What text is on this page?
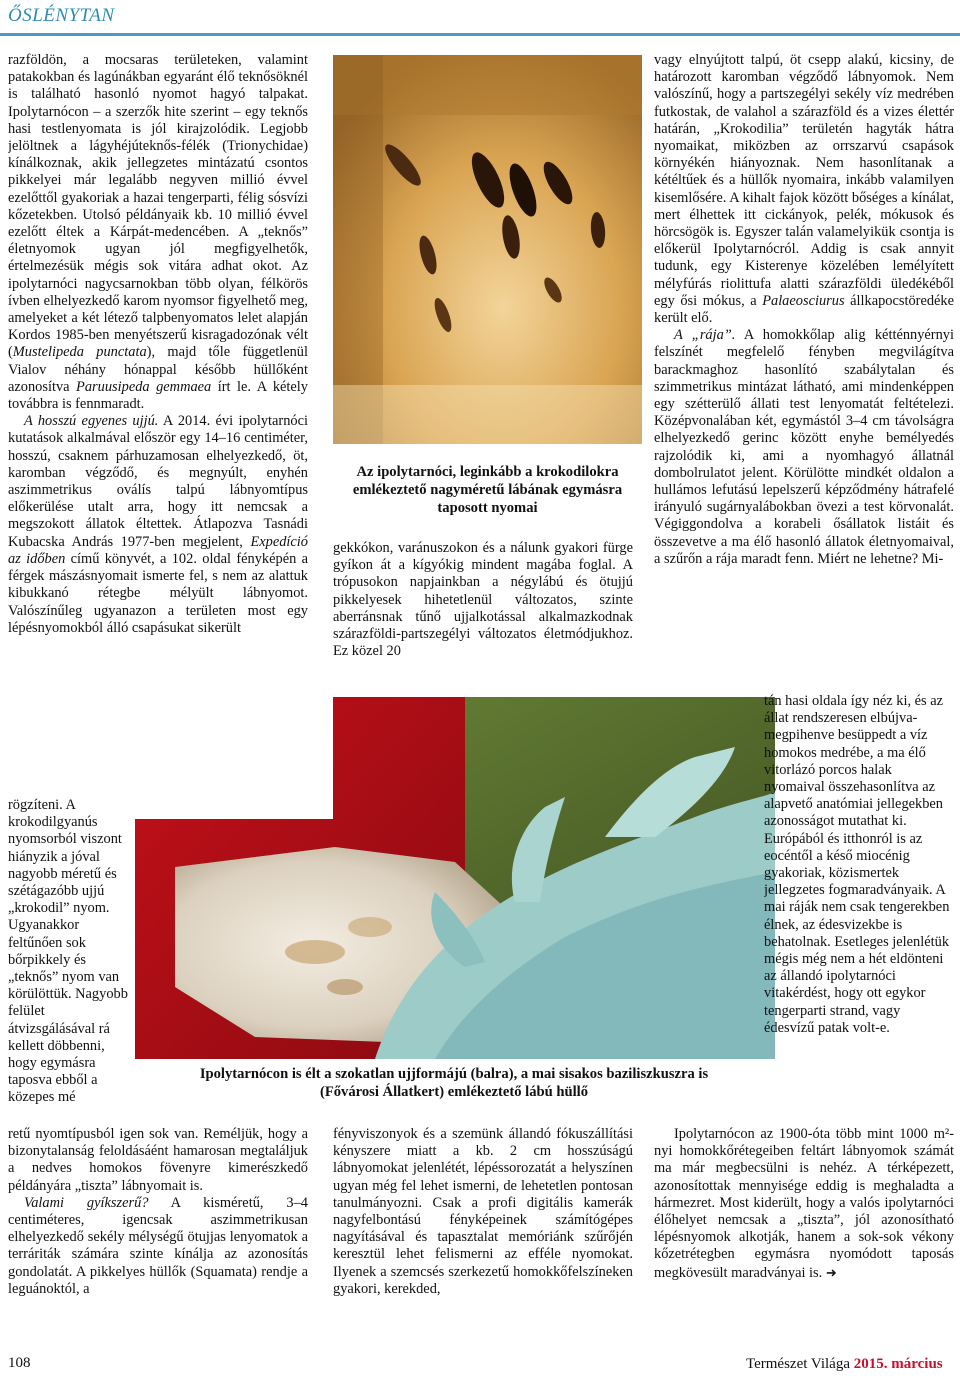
ŐSLÉNYTAN

razföldön, a mocsaras területeken, valamint patakokban és lagúnákban egyaránt élő teknősöknél is található hasonló nyomot hagyó talpakat. Ipolytarnócon – a szerzők hite szerint – egy teknős hasi testlenyomata is jól kirajzolódik. Legjobb jelöltnek a lágyhéjúteknős-félék (Trionychidae) kínálkoznak, akik jellegzetes mintázatú csontos pikkelyei már legalább negyven millió évvel ezelőttől gyakoriak a hazai tengerparti, félig sósvízi kőzetekben. Utolsó példányaik kb. 10 millió évvel ezelőtt éltek a Kárpát-medencében. A „teknős” életnyomok ugyan jól megfigyelhetők, értelmezésük mégis sok vitára adhat okot. Az ipolytarnóci nagycsarnokban több olyan, félkörös ívben elhelyezkedő karom nyomsor figyelhető meg, amelyeket a két létező talpbenyomatos lelet alapján Kordos 1985-ben menyétszerű kisragadozónak vélt (Mustelipeda punctata), majd tőle függetlenül Vialov néhány hónappal később hüllőként azonosítva Paruusipeda gemmaea írt le. A kétely továbbra is fennmaradt.

A hosszú egyenes ujjú. A 2014. évi ipolytarnóci kutatások alkalmával először egy 14–16 centiméter, hosszú, csaknem párhuzamosan elhelyezkedő, öt, karomban végződő, és megnyúlt, enyhén aszimmetrikus oválís talpú lábnyomtípus előkerülése utalt arra, hogy itt nemcsak a megszokott állatok éltettek. Átlapozva Tasnádi Kubacska András 1977-ben megjelent, Expedíció az időben című könyvét, a 102. oldal fényképén a férgek mászásnyomait ismerte fel, s nem az alattuk kibukkanó rétegbe mélyült lábnyomot. Valószínűleg ugyanazon a területen most egy lépésnyomokból álló csapásukat sikerült

rögzíteni. A krokodilgyanús nyomsorból viszont hiányzik a jóval nagyobb méretű és szétágazóbb ujjú „krokodil” nyom. Ugyanakkor feltűnően sok bőrpikkely és „teknős” nyom van körülöttük. Nagyobb felület átvizsgálásával rá kellett döbbenni, hogy egymásra taposva ebből a közepes mé

retű nyomtípusból igen sok van. Reméljük, hogy a bizonytalanság feloldásáént hamarosan megtaláljuk a nedves homokos fövenyre kimerészkedő példányára „tiszta” lábnyomait is.

Valami gyíkszerű? A kisméretű, 3–4 centiméteres, igencsak aszimmetrikusan elhelyezkedő sekély mélységű ötujjas lenyomatok a terráriták számára szinte kínálja az azonosítás gondolatát. A pikkelyes hüllők (Squamata) rendje a leguánoktól, a

Az ipolytarnóci, leginkább a krokodilokra emlékeztető nagyméretű lábának egymásra taposott nyomai
gekkókon, varánuszokon és a nálunk gyakori fürge gyíkon át a kígyókig mindent magába foglal. A trópusokon napjainkban a négylábú és ötujjú pikkelyesek hihetetlenül változatos, szinte aberránsnak tűnő ujjalkotással alkalmazkodnak szárazföldi-partszegélyi változatos életmódjukhoz. Ez közel 20

Ipolytarnócon is élt a szokatlan ujjformájú (balra), a mai sisakos baziliszkuszra is (Fővárosi Állatkert) emlékeztető lábú hüllő
fényviszonyok és a szemünk állandó fókuszállítási kényszere miatt a kb. 2 cm hosszúságú lábnyomokat jelenlétét, lépéssorozatát a helyszínen ugyan még fel lehet ismerni, de lehetetlen pontosan tanulmányozni. Csak a profi digitális kamerák nagyfelbontású fényképeinek számítógépes nagyításával és tapasztalat memóriánk szűrőjén keresztül lehet felismerni az efféle nyomokat. Ilyenek a szemcsés szerkezetű homokkőfelszíneken gyakori, kerekded,

vagy elnyújtott talpú, öt csepp alakú, kicsiny, de határozott karomban végződő lábnyomok. Nem valószínű, hogy a partszegélyi sekély víz medrében futkostak, de valahol a szárazföld és a vizes élettér határán, „Krokodilia” területén hagyták hátra nyomaikat, miközben az orrszarvú csapások környékén hiányoznak. Nem hasonlítanak a kétéltűek és a hüllők nyomaira, inkább valamilyen kisemlősére. A kihalt fajok között bőséges a kínálat, mert élhettek itt cickányok, pelék, mókusok és hörcsögök is. Egyszer talán valamelyikük csontja is előkerül Ipolytarnócról. Addig is csak annyit tudunk, egy Kisterenye közelében lemélyített mélyfúrás riolittufa alatti szárazföldi üledékéből egy ősi mókus, a Palaeosciurus állkapocstöredéke került elő.

A „rája”. A homokkőlap alig kétténnyérnyi felszínét megfelelő fényben megvilágítva barackmaghoz hasonlító szabálytalan és szimmetrikus mintázat látható, ami mindenképpen egy szétterülő állati test lenyomatát feltételezi. Középvonalában két, egymástól 3–4 cm távolságra elhelyezkedő gerinc között enyhe bemélyedés rajzolódik ki, ami a nyomhagyó állatnál dombolrulatot jelent. Körülötte mindkét oldalon a hullámos lefutású lepelszerű képződmény hátrafelé irányuló sugárnyalábokban övezi a test körvonalát. Végiggondolva a korabeli ősállatok listáit és összevetve a ma élő hasonló állatok életnyomaival, a szűrőn a rája maradt fenn. Miért ne lehetne? Mi-

tán hasi oldala így néz ki, és az állat rendszeresen elbújva-megpihenve besüppedt a víz homokos medrébe, a ma élő vitorlázó porcos halak nyomaival összehasonlítva az alapvető anatómiai jellegekben azonosságot mutathat ki. Európából és itthonról is az eocéntől a késő miocénig gyakoriak, közismertek jellegzetes fogmaradványaik. A mai ráják nem csak tengerekben élnek, az édesvizekbe is behatolnak. Esetleges jelenlétük mégis még nem a hét eldönteni az állandó ipolytarnóci vitakérdést, hogy ott egykor tengerparti strand, vagy édesvízű patak volt-e.

Ipolytarnócon az 1900-óta több mint 1000 m²-nyi homokkőrétegeiben feltárt lábnyomok számát ma már megbecsülni is nehéz. A térképezett, azonosítottak mennyisége eddig is meghaladta a hármezret. Most kiderült, hogy a valós ipolytarnóci élőhelyet nemcsak a „tiszta”, jól azonosítható lépésnyomok alkotják, hanem a sok-sok vékony kőzetrétegben egymásra nyomódott taposás megkövesült maradványai is. ➜

108	Természet Világa 2015. március
